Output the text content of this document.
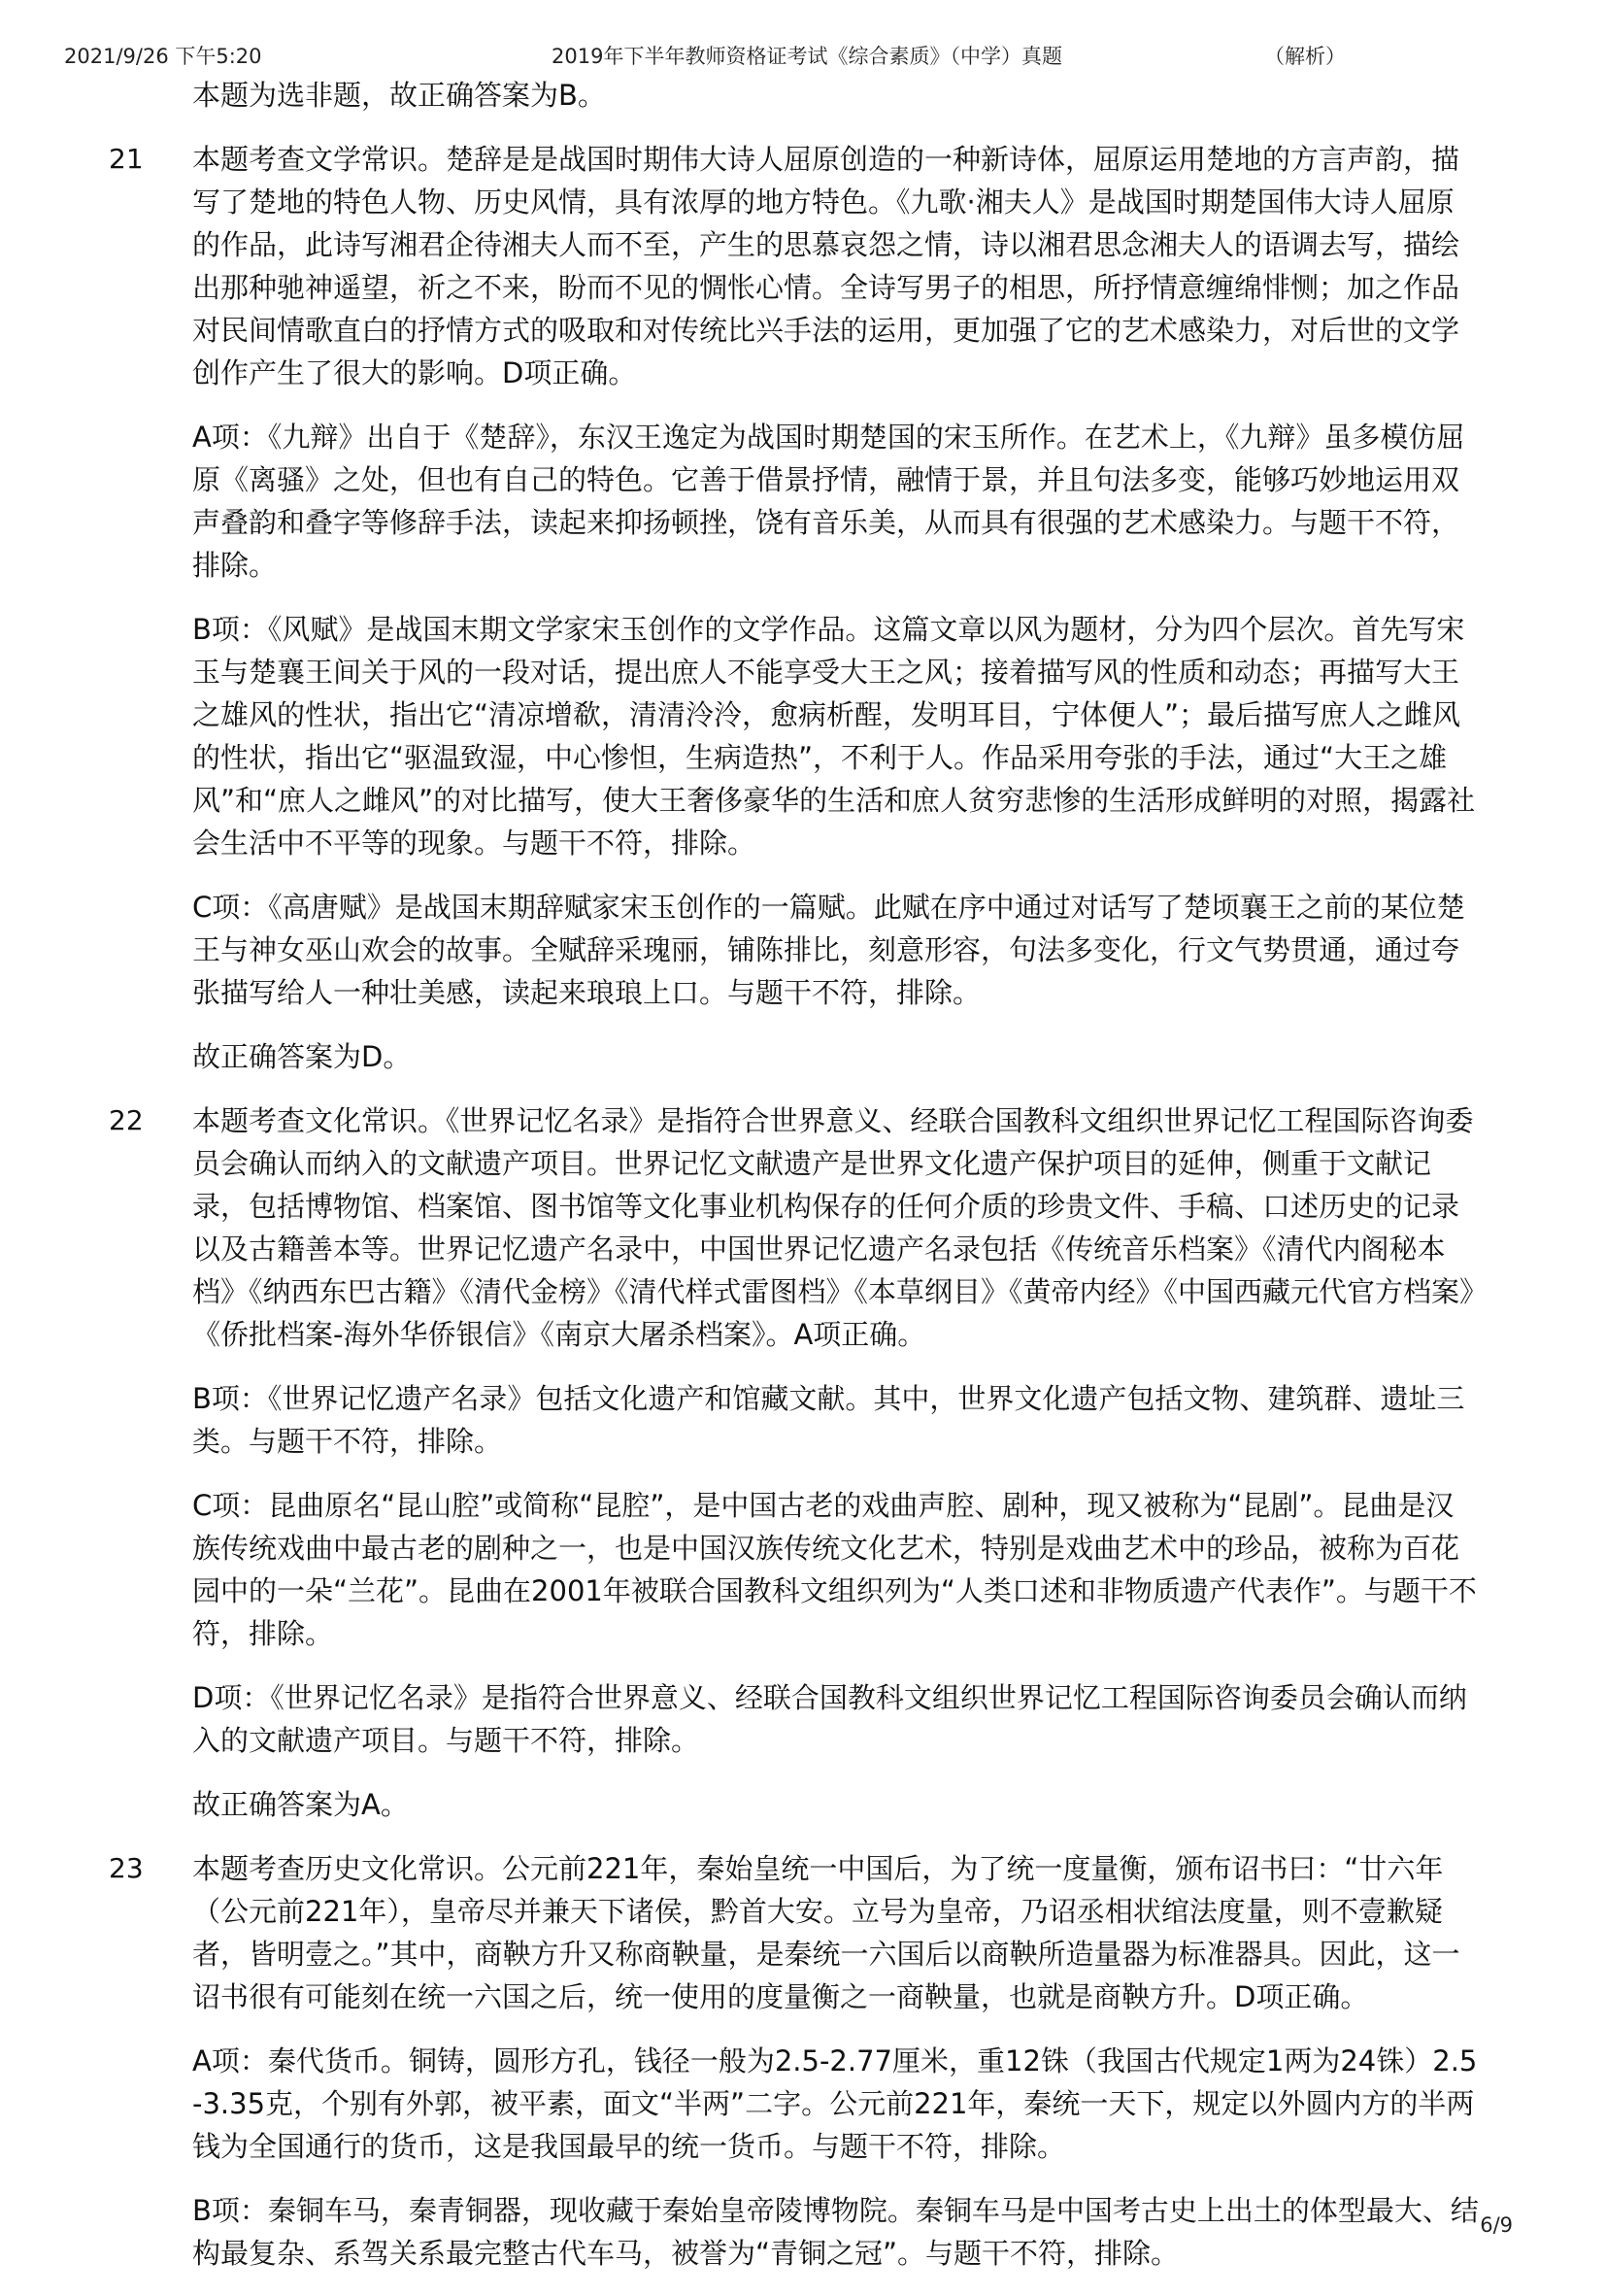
2021/9/26 下午5:20	2019年下半年教师资格证考试《综合素质》（中学）真题	（解析）
本题为选非题，故正确答案为B。
21 本题考查文学常识。楚辞是是战国时期伟大诗人屈原创造的一种新诗体，屈原运用楚地的方言声韵，描写了楚地的特色人物、历史风情，具有浓厚的地方特色。《九歌·湘夫人》是战国时期楚国伟大诗人屈原的作品，此诗写湘君企待湘夫人而不至，产生的思慕哀怨之情，诗以湘君思念湘夫人的语调去写，描绘出那种驰神遥望，祈之不来，盼而不见的惆怅心情。全诗写男子的相思，所抒情意缠绵悱恻；加之作品对民间情歌直白的抒情方式的吸取和对传统比兴手法的运用，更加强了它的艺术感染力，对后世的文学创作产生了很大的影响。D项正确。
A项：《九辩》出自于《楚辞》，东汉王逸定为战国时期楚国的宋玉所作。在艺术上，《九辩》虽多模仿屈原《离骚》之处，但也有自己的特色。它善于借景抒情，融情于景，并且句法多变，能够巧妙地运用双声叠韵和叠字等修辞手法，读起来抑扬顿挫，饶有音乐美，从而具有很强的艺术感染力。与题干不符，排除。
B项：《风赋》是战国末期文学家宋玉创作的文学作品。这篇文章以风为题材，分为四个层次。首先写宋玉与楚襄王间关于风的一段对话，提出庶人不能享受大王之风；接着描写风的性质和动态；再描写大王之雄风的性状，指出它“清凉增欷，清清泠泠，愈病析酲，发明耳目，宁体便人”；最后描写庶人之雌风的性状，指出它“驱温致湿，中心惨怛，生病造热”，不利于人。作品采用夸张的手法，通过“大王之雄风”和“庶人之雌风”的对比描写，使大王奢侈豪华的生活和庶人贫穷悲惨的生活形成鲜明的对照，揭露社会生活中不平等的现象。与题干不符，排除。
C项：《高唐赋》是战国末期辞赋家宋玉创作的一篇赋。此赋在序中通过对话写了楚顷襄王之前的某位楚王与神女巫山欢会的故事。全赋辞采瑰丽，铺陈排比，刻意形容，句法多变化，行文气势贯通，通过夸张描写给人一种壮美感，读起来琅琅上口。与题干不符，排除。
故正确答案为D。
22 本题考查文化常识。《世界记忆名录》是指符合世界意义、经联合国教科文组织世界记忆工程国际咨询委员会确认而纳入的文献遗产项目。世界记忆文献遗产是世界文化遗产保护项目的延伸，侧重于文献记录，包括博物馆、档案馆、图书馆等文化事业机构保存的任何介质的珍贵文件、手稿、口述历史的记录以及古籍善本等。世界记忆遗产名录中，中国世界记忆遗产名录包括《传统音乐档案》《清代内阁秘本档》《纳西东巴古籍》《清代金榜》《清代样式雷图档》《本草纲目》《黄帝内经》《中国西藏元代官方档案》《侨批档案-海外华侨银信》《南京大屠杀档案》。A项正确。
B项：《世界记忆遗产名录》包括文化遗产和馆藏文献。其中，世界文化遗产包括文物、建筑群、遗址三类。与题干不符，排除。
C项：昆曲原名“昆山腔”或简称“昆腔”，是中国古老的戏曲声腔、剧种，现又被称为“昆剧”。昆曲是汉族传统戏曲中最古老的剧种之一，也是中国汉族传统文化艺术，特别是戏曲艺术中的珍品，被称为百花园中的一朵“兰花”。昆曲在2001年被联合国教科文组织列为“人类口述和非物质遗产代表作”。与题干不符，排除。
D项：《世界记忆名录》是指符合世界意义、经联合国教科文组织世界记忆工程国际咨询委员会确认而纳入的文献遗产项目。与题干不符，排除。
故正确答案为A。
23 本题考查历史文化常识。公元前221年，秦始皇统一中国后，为了统一度量衡，颁布诏书曰：“廿六年（公元前221年），皇帝尽并兼天下诸侯，黔首大安。立号为皇帝，乃诏丞相状绾法度量，则不壹歉疑者，皆明壹之。”其中，商鞅方升又称商鞅量，是秦统一六国后以商鞅所造量器为标准器具。因此，这一诏书很有可能刻在统一六国之后，统一使用的度量衡之一商鞅量，也就是商鞅方升。D项正确。
A项：秦代货币。铜铸，圆形方孔，钱径一般为2.5-2.77厘米，重12铢（我国古代规定1两为24铢）2.5-3.35克，个别有外郭，被平素，面文“半两”二字。公元前221年，秦统一天下，规定以外圆内方的半两钱为全国通行的货币，这是我国最早的统一货币。与题干不符，排除。
B项：秦铜车马，秦青铜器，现收藏于秦始皇帝陵博物院。秦铜车马是中国考古史上出土的体型最大、结构最复杂、系驾关系最完整古代车马，被誉为“青铜之冠”。与题干不符，排除。
6/9
